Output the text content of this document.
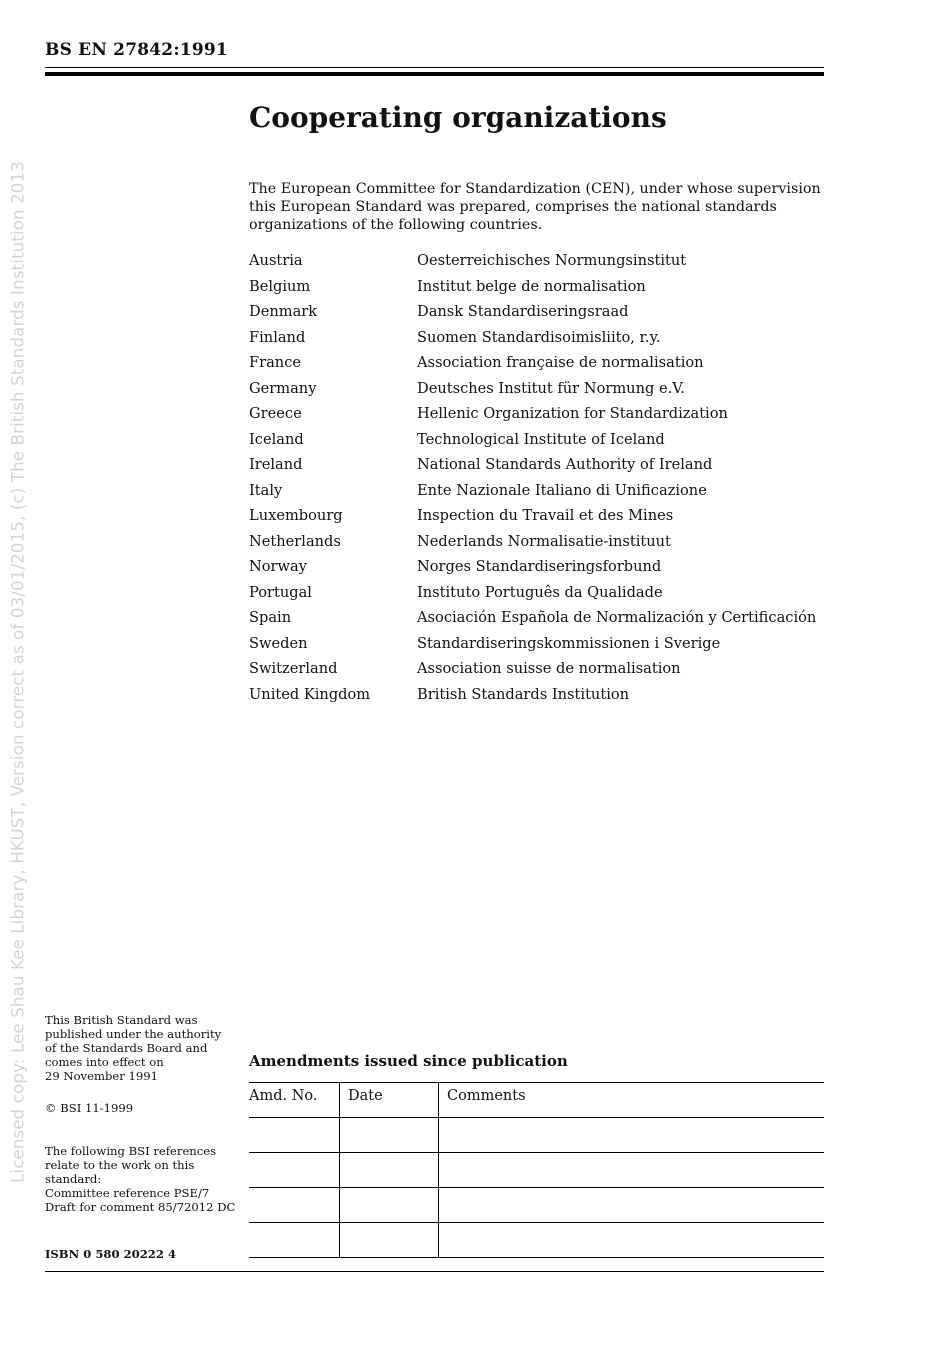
Licensed copy: Lee Shau Kee Library, HKUST, Version correct as of 03/01/2015, (c) The British Standards Institution 2013
BS EN 27842:1991
Cooperating organizations

The European Committee for Standardization (CEN), under whose supervision this European Standard was prepared, comprises the national standards organizations of the following countries.

Austria	Oesterreichisches Normungsinstitut
Belgium	Institut belge de normalisation
Denmark	Dansk Standardiseringsraad
Finland	Suomen Standardisoimisliito, r.y.
France	Association française de normalisation
Germany	Deutsches Institut für Normung e.V.
Greece	Hellenic Organization for Standardization
Iceland	Technological Institute of Iceland
Ireland	National Standards Authority of Ireland
Italy	Ente Nazionale Italiano di Unificazione
Luxembourg	Inspection du Travail et des Mines
Netherlands	Nederlands Normalisatie-instituut
Norway	Norges Standardiseringsforbund
Portugal	Instituto Português da Qualidade
Spain	Asociación Española de Normalización y Certificación
Sweden	Standardiseringskommissionen i Sverige
Switzerland	Association suisse de normalisation
United Kingdom	British Standards Institution
This British Standard was
published under the authority
of the Standards Board and
comes into effect on
29 November 1991
© BSI 11-1999
The following BSI references
relate to the work on this
standard:
Committee reference PSE/7
Draft for comment 85/72012 DC
ISBN 0 580 20222 4
Amendments issued since publication
Amd. No.	Date	Comments
